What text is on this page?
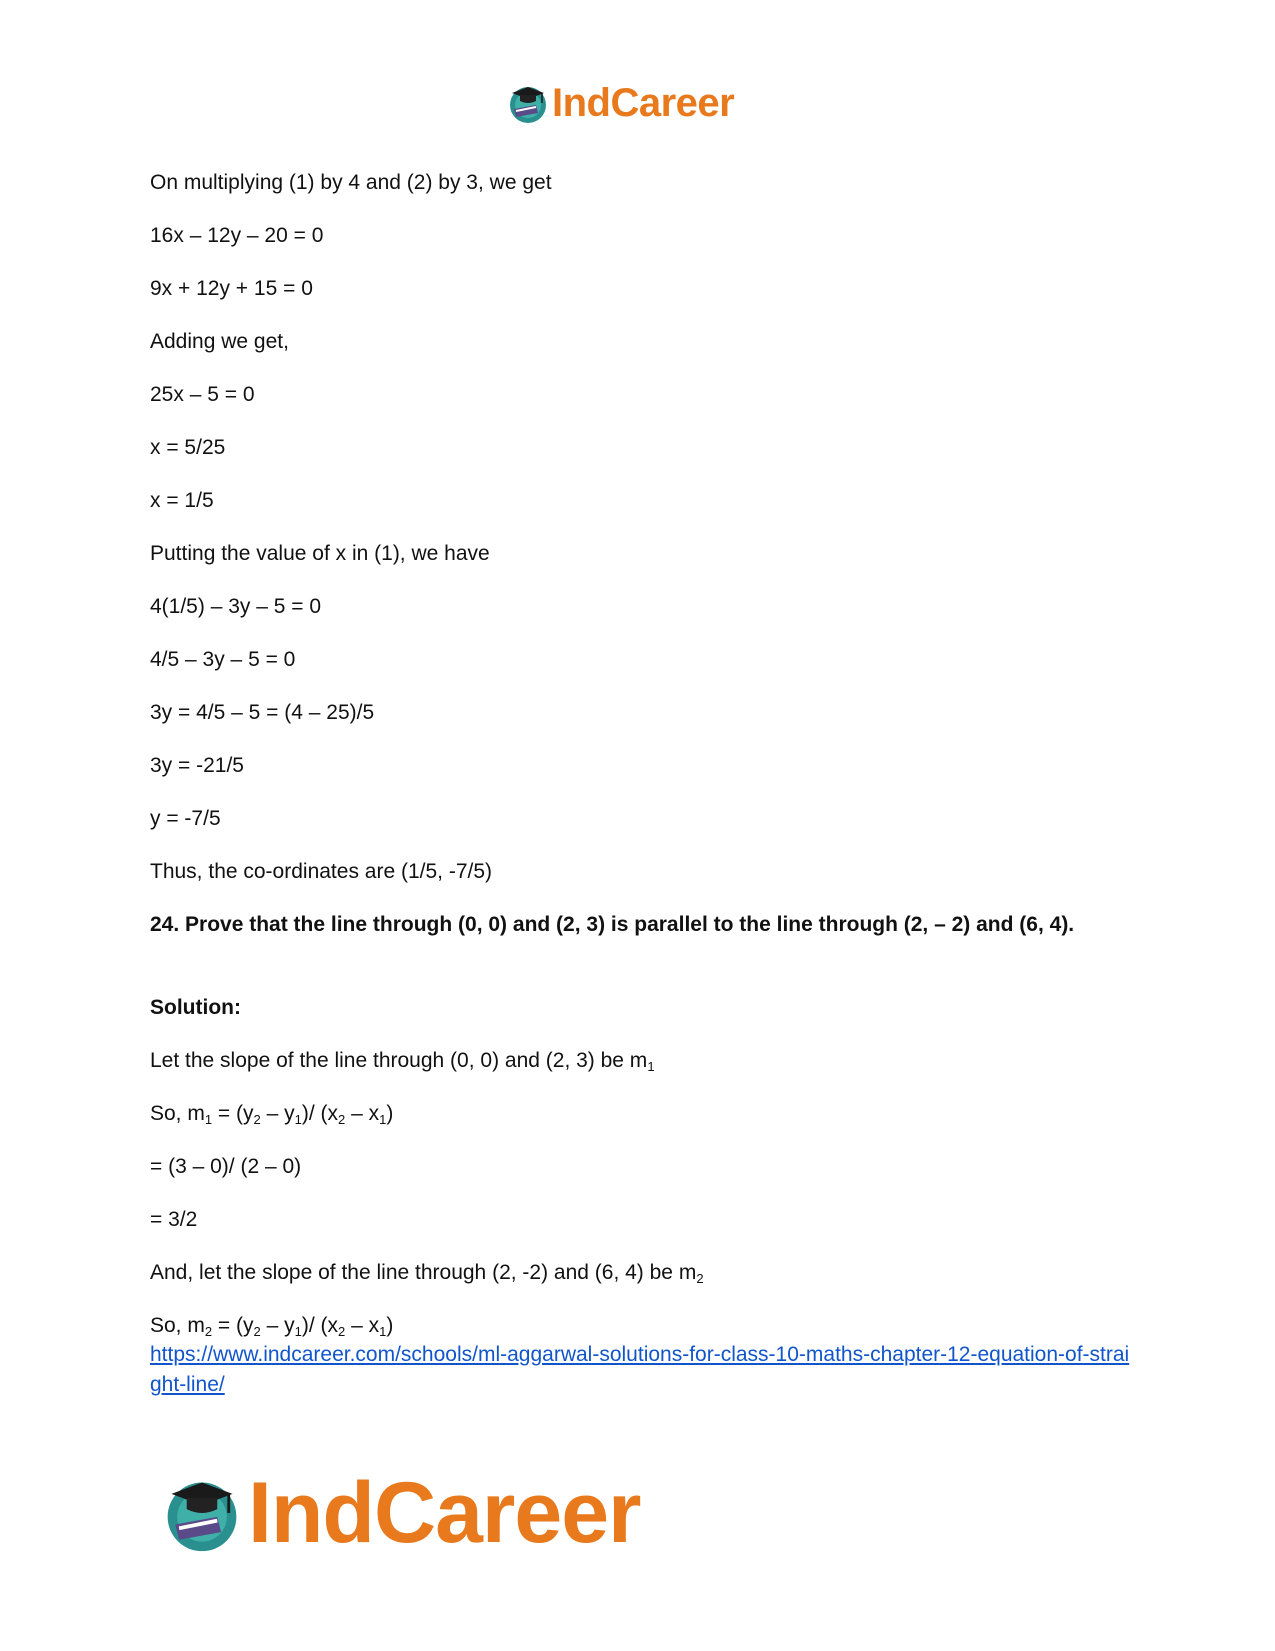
IndCareer
On multiplying (1) by 4 and (2) by 3, we get
16x – 12y – 20 = 0
9x + 12y + 15 = 0
Adding we get,
25x – 5 = 0
x = 5/25
x = 1/5
Putting the value of x in (1), we have
4(1/5) – 3y – 5 = 0
4/5 – 3y – 5 = 0
3y = 4/5 – 5 = (4 – 25)/5
3y = -21/5
y = -7/5
Thus, the co-ordinates are (1/5, -7/5)
24. Prove that the line through (0, 0) and (2, 3) is parallel to the line through (2, – 2) and (6, 4).
Solution:
Let the slope of the line through (0, 0) and (2, 3) be $m_1$
So, $m_1 = (y_2 - y_1)/$ $(x_2 - x_1)$
= (3 – 0)/ (2 – 0)
= 3/2
And, let the slope of the line through (2, -2) and (6, 4) be $m_2$
So, $m_2 = (y_2 - y_1)/$ $(x_2 - x_1)$
https://www.indcareer.com/schools/ml-aggarwal-solutions-for-class-10-maths-chapter-12-equation-of-straight-line/
IndCareer
